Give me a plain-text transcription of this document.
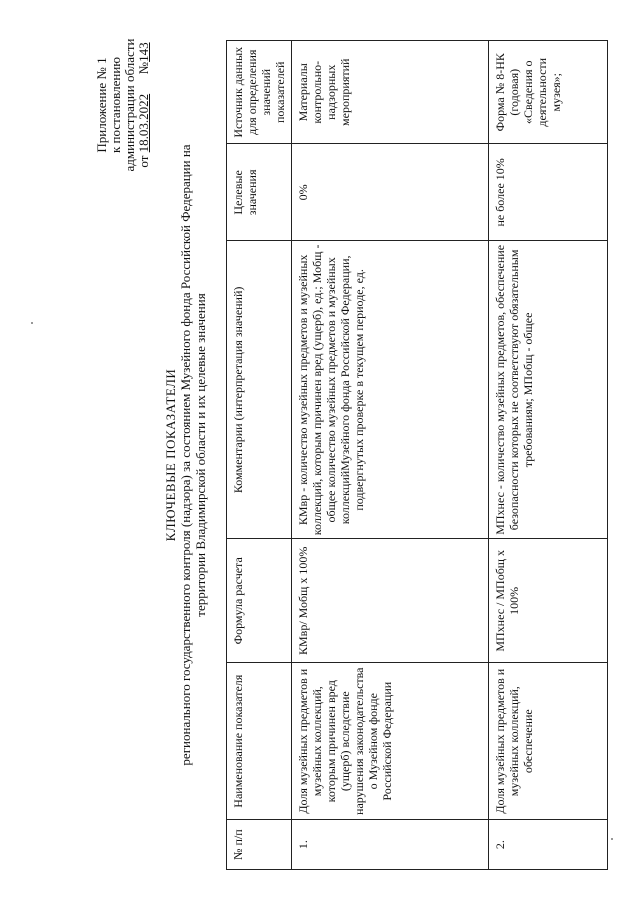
Приложение № 1 к постановлению администрации области от 18.03.2022      №143
КЛЮЧЕВЫЕ ПОКАЗАТЕЛИ регионального государственного контроля (надзора) за состоянием Музейного фонда Российской Федерации на территории Владимирской области и их целевые значения
№ п/п	Наименование показателя	Формула расчета	Комментарии (интерпретация значений)	Целевые значения	Источник данных для определения значений показателей
1.	Доля музейных предметов и музейных коллекций, которым причинен вред (ущерб) вследствие нарушения законодательства о Музейном фонде Российской Федерации	КМвр/ Мобщ х 100%	КМвр - количество музейных предметов и музейных коллекций, которым причинен вред (ущерб), ед.; Мобщ - общее количество музейных предметов и музейных коллекцийМузейного фонда Российской Федерации, подвергнутых проверке в текущем периоде, ед.	0%	Материалы контрольно-надзорных мероприятий
2.	Доля музейных предметов и музейных коллекций, обеспечение	МПхнес / МПобщ х 100%	МПхнес - количество музейных предметов, обеспечение безопасности которых не соответствуют обязательным требованиям; МПобщ - общее	не более 10%	Форма № 8-НК (годовая) «Сведения о деятельности музея»;
